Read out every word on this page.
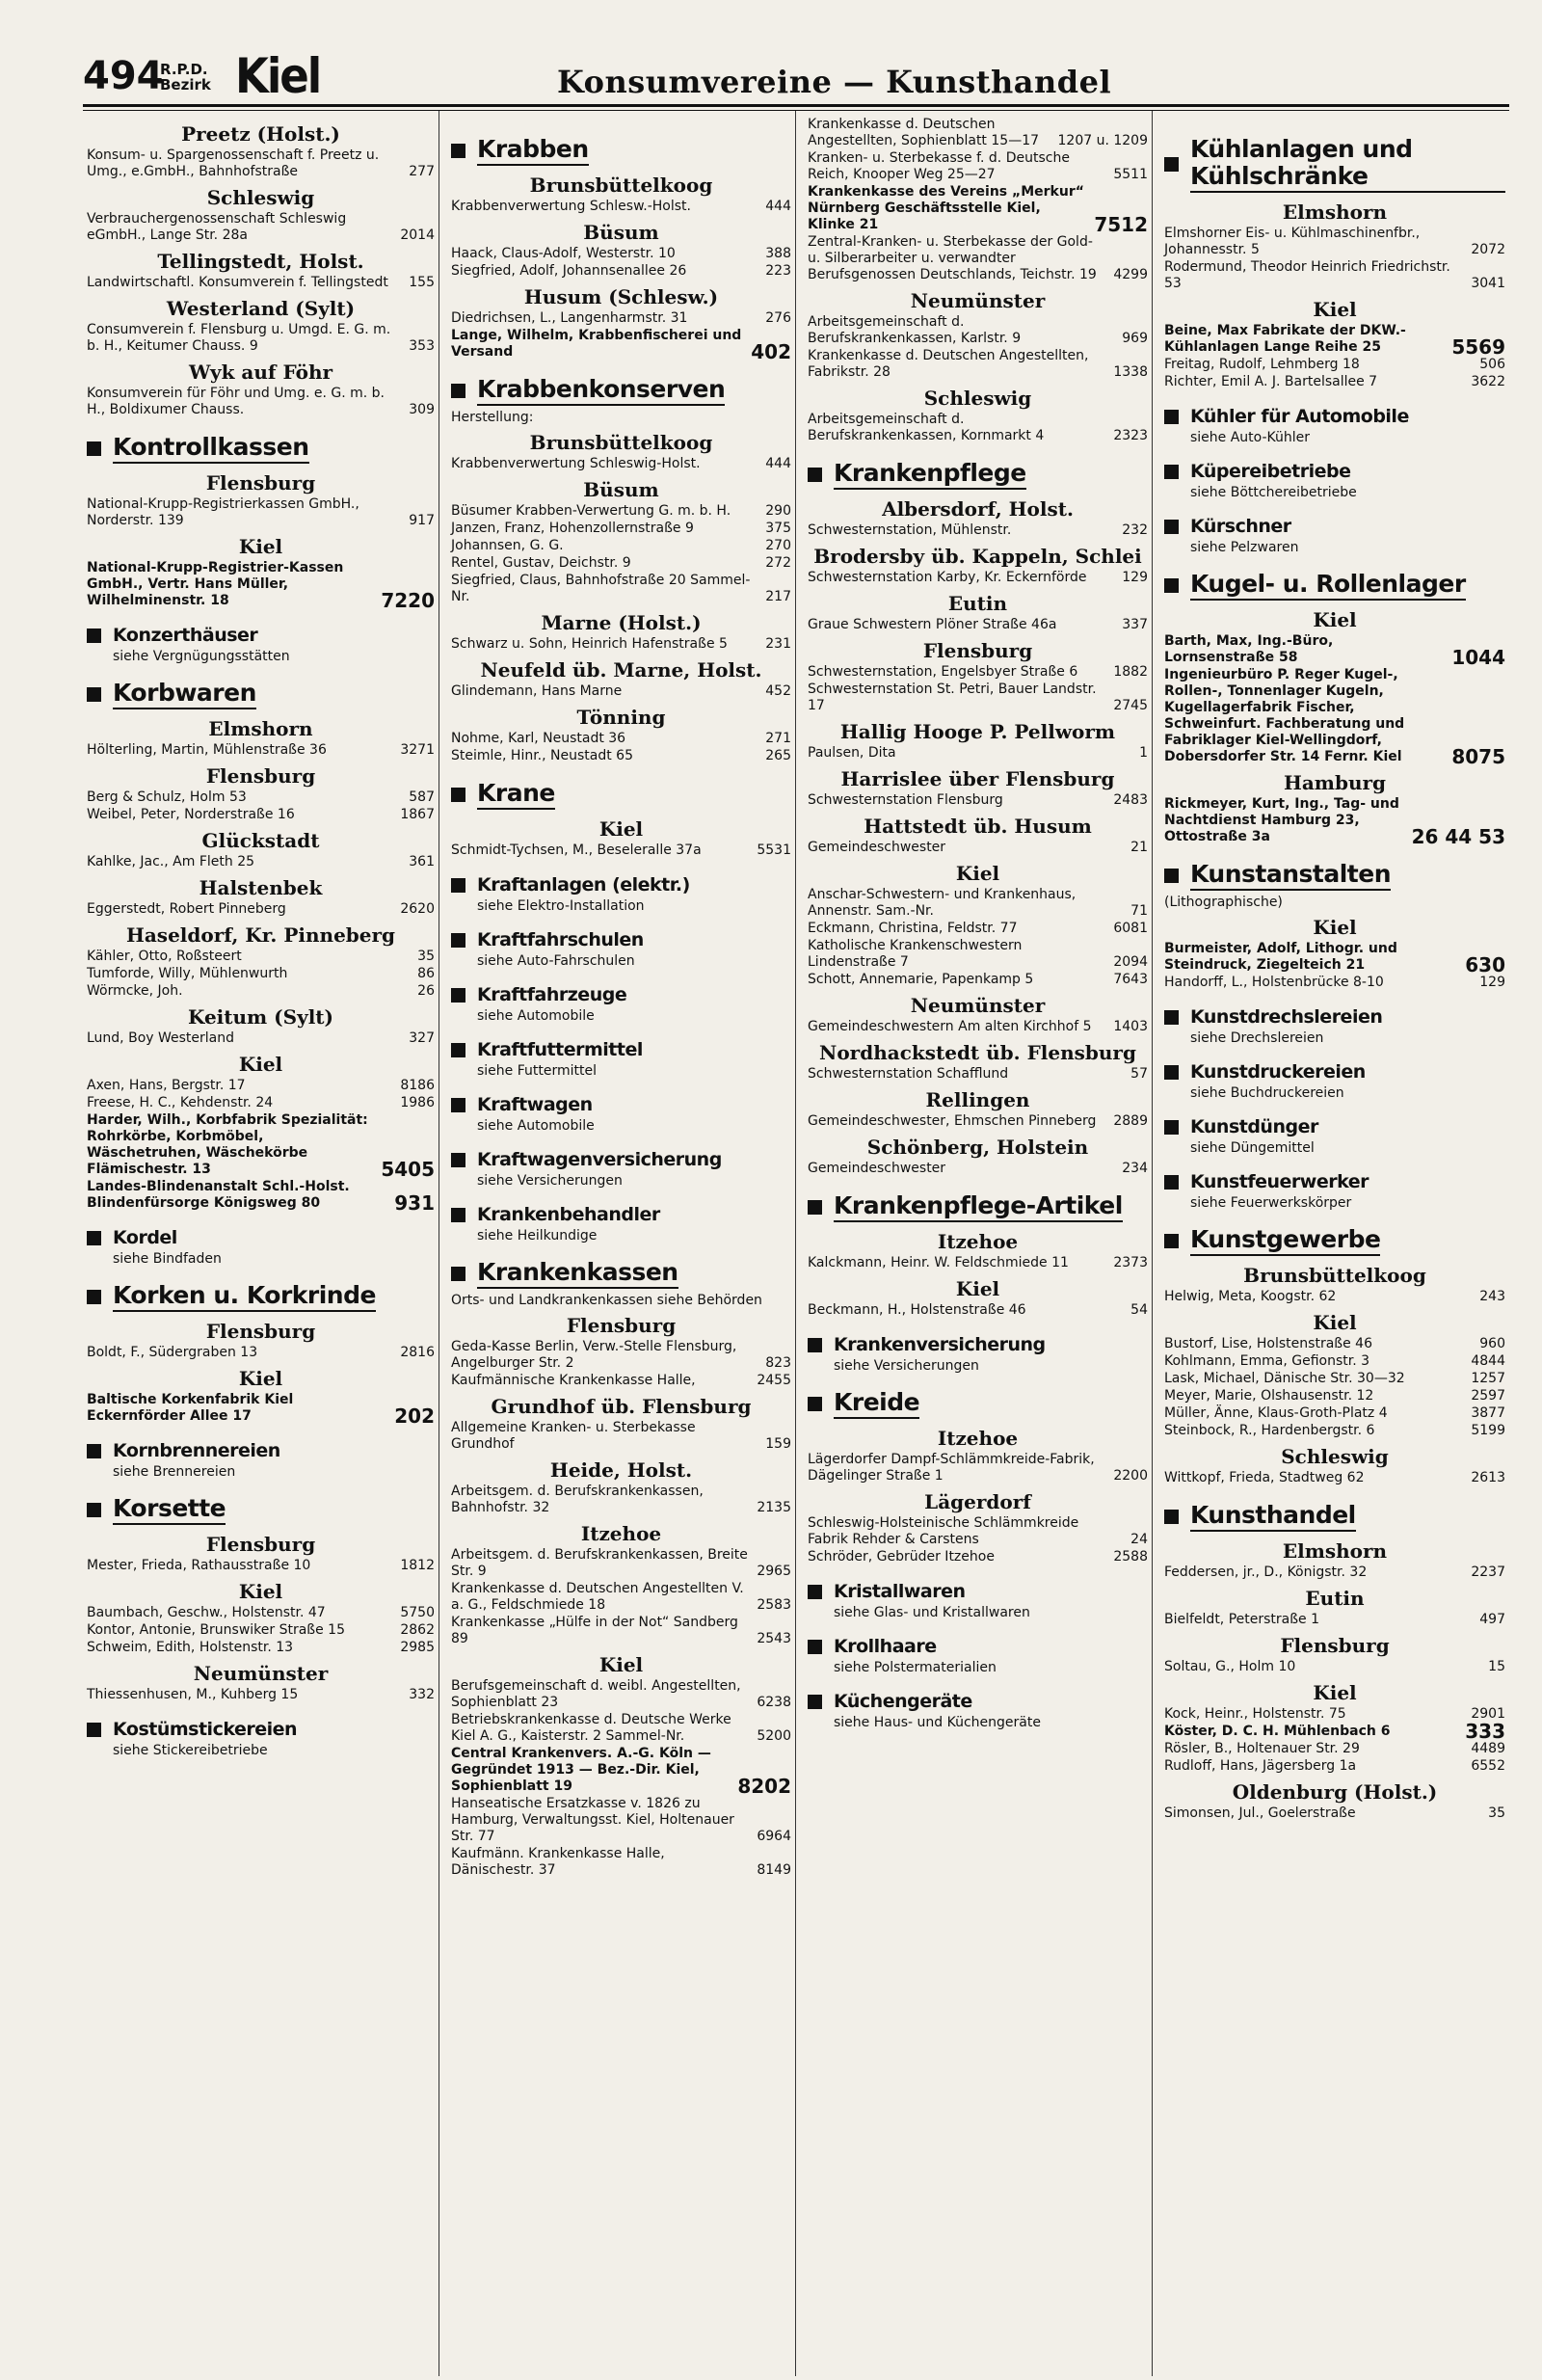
494
R.P.D.
Bezirk Kiel	Konsumvereine — Kunsthandel
Preetz (Holst.)
Konsum- u. Spargenossenschaft f. Preetz u. Umg., e.GmbH., Bahnhofstraße	277
Schleswig
Verbrauchergenossenschaft Schleswig eGmbH., Lange Str. 28a	2014
Tellingstedt, Holst.
Landwirtschaftl. Konsumverein f. Tellingstedt	155
Westerland (Sylt)
Consumverein f. Flensburg u. Umgd. E. G. m. b. H., Keitumer Chauss. 9	353
Wyk auf Föhr
Konsumverein für Föhr und Umg. e. G. m. b. H., Boldixumer Chauss.	309
Kontrollkassen
Flensburg
National-Krupp-Registrierkassen GmbH., Norderstr. 139	917
Kiel
National-Krupp-Registrier-Kassen GmbH., Vertr. Hans Müller, Wilhelminenstr. 18	7220
Konzerthäuser
siehe Vergnügungsstätten
Korbwaren
Elmshorn
Hölterling, Martin, Mühlenstraße 36	3271
Flensburg
Berg & Schulz, Holm 53	587
Weibel, Peter, Norderstraße 16	1867
Glückstadt
Kahlke, Jac., Am Fleth 25	361
Halstenbek
Eggerstedt, Robert Pinneberg	2620
Haseldorf, Kr. Pinneberg
Kähler, Otto, Roßsteert	35
Tumforde, Willy, Mühlenwurth	86
Wörmcke, Joh.	26
Keitum (Sylt)
Lund, Boy Westerland	327
Kiel
Axen, Hans, Bergstr. 17	8186
Freese, H. C., Kehdenstr. 24	1986
Harder, Wilh., Korbfabrik Spezialität: Rohrkörbe, Korbmöbel, Wäschetruhen, Wäschekörbe Flämischestr. 13	5405
Landes-Blindenanstalt Schl.-Holst. Blindenfürsorge Königsweg 80	931
Kordel
siehe Bindfaden
Korken u. Korkrinde
Flensburg
Boldt, F., Südergraben 13	2816
Kiel
Baltische Korkenfabrik Kiel Eckernförder Allee 17	202
Kornbrennereien
siehe Brennereien
Korsette
Flensburg
Mester, Frieda, Rathausstraße 10	1812
Kiel
Baumbach, Geschw., Holstenstr. 47	5750
Kontor, Antonie, Brunswiker Straße 15	2862
Schweim, Edith, Holstenstr. 13	2985
Neumünster
Thiessenhusen, M., Kuhberg 15	332
Kostümstickereien
siehe Stickereibetriebe
Krabben
Brunsbüttelkoog
Krabbenverwertung Schlesw.-Holst.	444
Büsum
Haack, Claus-Adolf, Westerstr. 10	388
Siegfried, Adolf, Johannsenallee 26	223
Husum (Schlesw.)
Diedrichsen, L., Langenharmstr. 31	276
Lange, Wilhelm, Krabbenfischerei und Versand	402
Krabbenkonserven
Herstellung:
Brunsbüttelkoog
Krabbenverwertung Schleswig-Holst.	444
Büsum
Büsumer Krabben-Verwertung G. m. b. H.	290
Janzen, Franz, Hohenzollernstraße 9	375
Johannsen, G. G.	270
Rentel, Gustav, Deichstr. 9	272
Siegfried, Claus, Bahnhofstraße 20 Sammel-Nr.	217
Marne (Holst.)
Schwarz u. Sohn, Heinrich Hafenstraße 5	231
Neufeld üb. Marne, Holst.
Glindemann, Hans Marne	452
Tönning
Nohme, Karl, Neustadt 36	271
Steimle, Hinr., Neustadt 65	265
Krane
Kiel
Schmidt-Tychsen, M., Beseleralle 37a	5531
Kraftanlagen (elektr.)
siehe Elektro-Installation
Kraftfahrschulen
siehe Auto-Fahrschulen
Kraftfahrzeuge
siehe Automobile
Kraftfuttermittel
siehe Futtermittel
Kraftwagen
siehe Automobile
Kraftwagenversicherung
siehe Versicherungen
Krankenbehandler
siehe Heilkundige
Krankenkassen
Orts- und Landkrankenkassen siehe Behörden
Flensburg
Geda-Kasse Berlin, Verw.-Stelle Flensburg, Angelburger Str. 2	823
Kaufmännische Krankenkasse Halle,	2455
Grundhof üb. Flensburg
Allgemeine Kranken- u. Sterbekasse Grundhof	159
Heide, Holst.
Arbeitsgem. d. Berufskrankenkassen, Bahnhofstr. 32	2135
Itzehoe
Arbeitsgem. d. Berufskrankenkassen, Breite Str. 9	2965
Krankenkasse d. Deutschen Angestellten V. a. G., Feldschmiede 18	2583
Krankenkasse „Hülfe in der Not“ Sandberg 89	2543
Kiel
Berufsgemeinschaft d. weibl. Angestellten, Sophienblatt 23	6238
Betriebskrankenkasse d. Deutsche Werke Kiel A. G., Kaisterstr. 2 Sammel-Nr.	5200
Central Krankenvers. A.-G. Köln — Gegründet 1913 — Bez.-Dir. Kiel, Sophienblatt 19	8202
Hanseatische Ersatzkasse v. 1826 zu Hamburg, Verwaltungsst. Kiel, Holtenauer Str. 77	6964
Kaufmänn. Krankenkasse Halle, Dänischestr. 37	8149
Krankenkasse d. Deutschen Angestellten, Sophienblatt 15—17	1207 u. 1209
Kranken- u. Sterbekasse f. d. Deutsche Reich, Knooper Weg 25—27	5511
Krankenkasse des Vereins „Merkur“ Nürnberg Geschäftsstelle Kiel, Klinke 21	7512
Zentral-Kranken- u. Sterbekasse der Gold- u. Silberarbeiter u. verwandter Berufsgenossen Deutschlands, Teichstr. 19	4299
Neumünster
Arbeitsgemeinschaft d. Berufskrankenkassen, Karlstr. 9	969
Krankenkasse d. Deutschen Angestellten, Fabrikstr. 28	1338
Schleswig
Arbeitsgemeinschaft d. Berufskrankenkassen, Kornmarkt 4	2323
Krankenpflege
Albersdorf, Holst.
Schwesternstation, Mühlenstr.	232
Brodersby üb. Kappeln, Schlei
Schwesternstation Karby, Kr. Eckernförde	129
Eutin
Graue Schwestern Plöner Straße 46a	337
Flensburg
Schwesternstation, Engelsbyer Straße 6	1882
Schwesternstation St. Petri, Bauer Landstr. 17	2745
Hallig Hooge P. Pellworm
Paulsen, Dita	1
Harrislee über Flensburg
Schwesternstation Flensburg	2483
Hattstedt üb. Husum
Gemeindeschwester	21
Kiel
Anschar-Schwestern- und Krankenhaus, Annenstr. Sam.-Nr.	71
Eckmann, Christina, Feldstr. 77	6081
Katholische Krankenschwestern Lindenstraße 7	2094
Schott, Annemarie, Papenkamp 5	7643
Neumünster
Gemeindeschwestern Am alten Kirchhof 5	1403
Nordhackstedt üb. Flensburg
Schwesternstation Schafflund	57
Rellingen
Gemeindeschwester, Ehmschen Pinneberg	2889
Schönberg, Holstein
Gemeindeschwester	234
Krankenpflege-Artikel
Itzehoe
Kalckmann, Heinr. W. Feldschmiede 11	2373
Kiel
Beckmann, H., Holstenstraße 46	54
Krankenversicherung
siehe Versicherungen
Kreide
Itzehoe
Lägerdorfer Dampf-Schlämmkreide-Fabrik, Dägelinger Straße 1	2200
Lägerdorf
Schleswig-Holsteinische Schlämmkreide Fabrik Rehder & Carstens	24
Schröder, Gebrüder Itzehoe	2588
Kristallwaren
siehe Glas- und Kristallwaren
Krollhaare
siehe Polstermaterialien
Küchengeräte
siehe Haus- und Küchengeräte
Kühlanlagen und Kühlschränke
Elmshorn
Elmshorner Eis- u. Kühlmaschinenfbr., Johannesstr. 5	2072
Rodermund, Theodor Heinrich Friedrichstr. 53	3041
Kiel
Beine, Max Fabrikate der DKW.-Kühlanlagen Lange Reihe 25	5569
Freitag, Rudolf, Lehmberg 18	506
Richter, Emil A. J. Bartelsallee 7	3622
Kühler für Automobile
siehe Auto-Kühler
Küpereibetriebe
siehe Böttchereibetriebe
Kürschner
siehe Pelzwaren
Kugel- u. Rollenlager
Kiel
Barth, Max, Ing.-Büro, Lornsenstraße 58	1044
Ingenieurbüro P. Reger Kugel-, Rollen-, Tonnenlager Kugeln, Kugellagerfabrik Fischer, Schweinfurt. Fachberatung und Fabriklager Kiel-Wellingdorf, Dobersdorfer Str. 14 Fernr. Kiel	8075
Hamburg
Rickmeyer, Kurt, Ing., Tag- und Nachtdienst Hamburg 23, Ottostraße 3a	26 44 53
Kunstanstalten
(Lithographische)
Kiel
Burmeister, Adolf, Lithogr. und Steindruck, Ziegelteich 21	630
Handorff, L., Holstenbrücke 8-10	129
Kunstdrechslereien
siehe Drechslereien
Kunstdruckereien
siehe Buchdruckereien
Kunstdünger
siehe Düngemittel
Kunstfeuerwerker
siehe Feuerwerkskörper
Kunstgewerbe
Brunsbüttelkoog
Helwig, Meta, Koogstr. 62	243
Kiel
Bustorf, Lise, Holstenstraße 46	960
Kohlmann, Emma, Gefionstr. 3	4844
Lask, Michael, Dänische Str. 30—32	1257
Meyer, Marie, Olshausenstr. 12	2597
Müller, Änne, Klaus-Groth-Platz 4	3877
Steinbock, R., Hardenbergstr. 6	5199
Schleswig
Wittkopf, Frieda, Stadtweg 62	2613
Kunsthandel
Elmshorn
Feddersen, jr., D., Königstr. 32	2237
Eutin
Bielfeldt, Peterstraße 1	497
Flensburg
Soltau, G., Holm 10	15
Kiel
Kock, Heinr., Holstenstr. 75	2901
Köster, D. C. H. Mühlenbach 6	333
Rösler, B., Holtenauer Str. 29	4489
Rudloff, Hans, Jägersberg 1a	6552
Oldenburg (Holst.)
Simonsen, Jul., Goelerstraße	35
